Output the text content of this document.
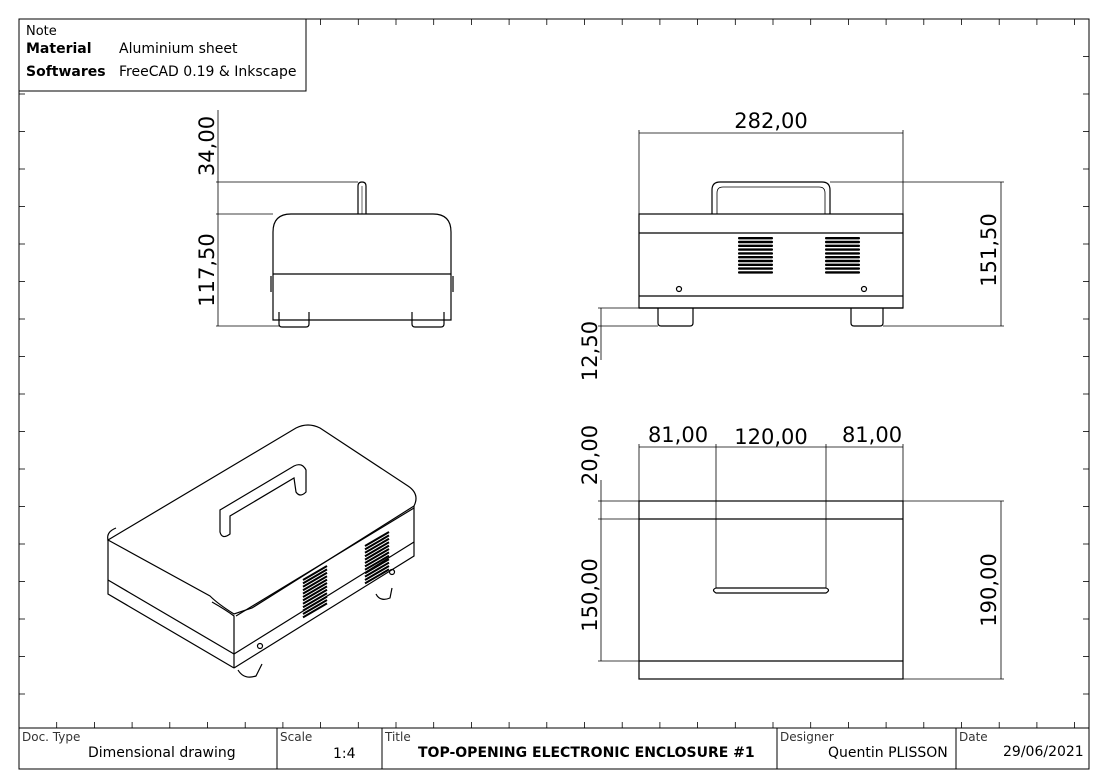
Note
Material Aluminium sheet
Softwares FreeCAD 0.19 & Inkscape
34,00
117,50
282,00
151,50
12,50
81,00 120,00 81,00
20,00
150,00	190,00
Doc. Type
Dimensional drawing
Scale
1:4
Title
TOP-OPENING ELECTRONIC ENCLOSURE #1
Designer
Quentin PLISSON
Date
29/06/2021
